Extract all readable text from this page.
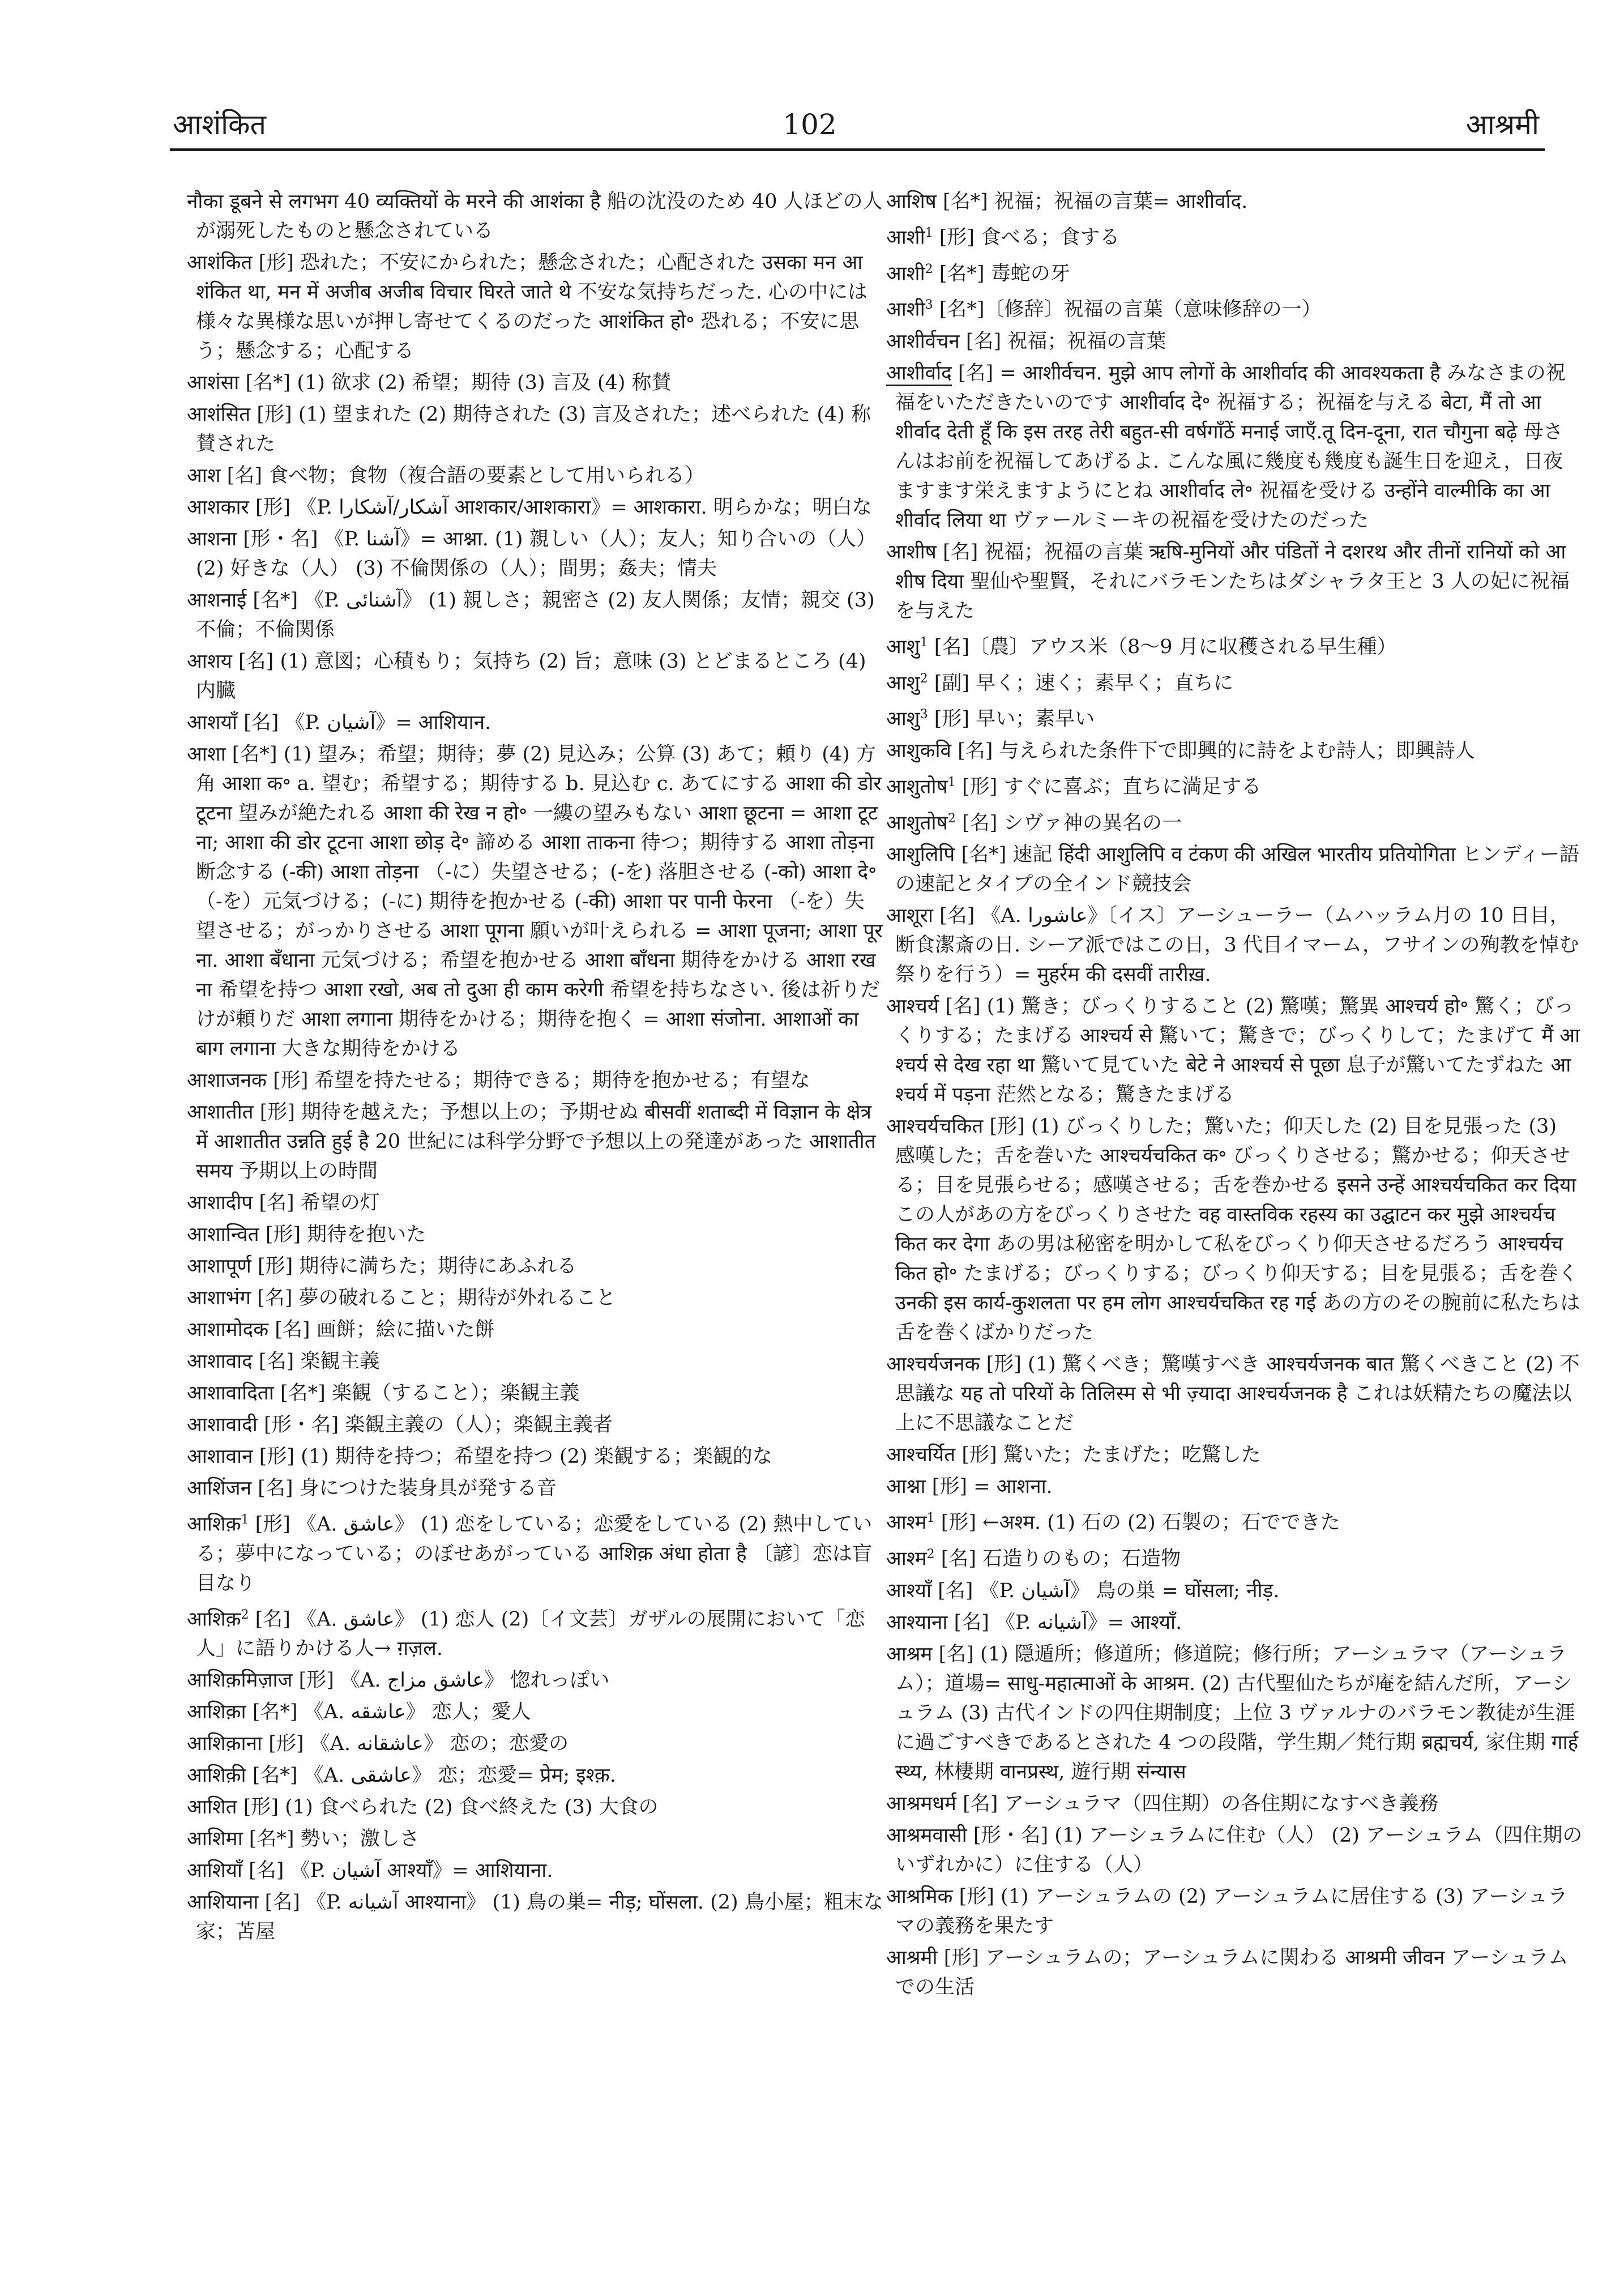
आशंकित	102	आश्रमी

नौका डूबने से लगभग 40 व्यक्तियों के मरने की आशंका है 船の沈没のため 40 人ほどの人が溺死したものと懸念されている

आशंकित [形] 恐れた；不安にかられた；懸念された；心配された उसका मन आशंकित था, मन में अजीब अजीब विचार घिरते जाते थे 不安な気持ちだった. 心の中には様々な異様な思いが押し寄せてくるのだった आशंकित हो॰ 恐れる；不安に思う；懸念する；心配する

आशंसा [名*] (1) 欲求 (2) 希望；期待 (3) 言及 (4) 称賛

आशंसित [形] (1) 望まれた (2) 期待された (3) 言及された；述べられた (4) 称賛された

आश [名] 食べ物；食物（複合語の要素として用いられる）

आशकार [形] 《P. آشکار/آشکارا आशकार/आशकारा》= आशकारा. 明らかな；明白な

आशना [形・名] 《P. آشنا》= आश्ना. (1) 親しい（人）；友人；知り合いの（人） (2) 好きな（人） (3) 不倫関係の（人）；間男；姦夫；情夫

आशनाई [名*] 《P. آشنائی》 (1) 親しさ；親密さ (2) 友人関係；友情；親交 (3) 不倫；不倫関係

आशय [名] (1) 意図；心積もり；気持ち (2) 旨；意味 (3) とどまるところ (4) 内臓

आशयाँ [名] 《P. آشیان》= आशियान.

आशा [名*] (1) 望み；希望；期待；夢 (2) 見込み；公算 (3) あて；頼り (4) 方角 आशा क॰ a. 望む；希望する；期待する b. 見込む c. あてにする आशा की डोर टूटना 望みが絶たれる आशा की रेख न हो॰ 一縷の望みもない आशा छूटना = आशा टूटना; आशा की डोर टूटना आशा छोड़ दे॰ 諦める आशा ताकना 待つ；期待する आशा तोड़ना 断念する (-की) आशा तोड़ना （-に）失望させる；(-を) 落胆させる (-को) आशा दे॰ （-を）元気づける；(-に) 期待を抱かせる (-की) आशा पर पानी फेरना （-を）失望させる；がっかりさせる आशा पूगना 願いが叶えられる = आशा पूजना; आशा पूरना. आशा बँधाना 元気づける；希望を抱かせる आशा बाँधना 期待をかける आशा रखना 希望を持つ आशा रखो, अब तो दुआ ही काम करेगी 希望を持ちなさい. 後は祈りだけが頼りだ आशा लगाना 期待をかける；期待を抱く = आशा संजोना. आशाओं का बाग लगाना 大きな期待をかける

आशाजनक [形] 希望を持たせる；期待できる；期待を抱かせる；有望な

आशातीत [形] 期待を越えた；予想以上の；予期せぬ बीसवीं शताब्दी में विज्ञान के क्षेत्र में आशातीत उन्नति हुई है 20 世紀には科学分野で予想以上の発達があった आशातीत समय 予期以上の時間

आशादीप [名] 希望の灯

आशान्वित [形] 期待を抱いた

आशापूर्ण [形] 期待に満ちた；期待にあふれる

आशाभंग [名] 夢の破れること；期待が外れること

आशामोदक [名] 画餅；絵に描いた餅

आशावाद [名] 楽観主義

आशावादिता [名*] 楽観（すること）；楽観主義

आशावादी [形・名] 楽観主義の（人）；楽観主義者

आशावान [形] (1) 期待を持つ；希望を持つ (2) 楽観する；楽観的な

आशिंजन [名] 身につけた装身具が発する音

आशिक़$^1$ [形] 《A. عاشق》 (1) 恋をしている；恋愛をしている (2) 熱中している；夢中になっている；のぼせあがっている आशिक़ अंधा होता है 〔諺〕恋は盲目なり

आशिक़$^2$ [名] 《A. عاشق》 (1) 恋人 (2)〔イ文芸〕ガザルの展開において「恋人」に語りかける人→ ग़ज़ल.

आशिक़मिज़ाज [形] 《A. عاشق مزاج》 惚れっぽい

आशिक़ा [名*] 《A. عاشقه》 恋人；愛人

आशिक़ाना [形] 《A. عاشقانه》 恋の；恋愛の

आशिक़ी [名*] 《A. عاشقی》 恋；恋愛= प्रेम; इश्क़.

आशित [形] (1) 食べられた (2) 食べ終えた (3) 大食の

आशिमा [名*] 勢い；激しさ

आशियाँ [名] 《P. آشیان आश्याँ》= आशियाना.

आशियाना [名] 《P. آشیانه आश्याना》 (1) 鳥の巣= नीड़; घोंसला. (2) 鳥小屋；粗末な家；苫屋

आशिष [名*] 祝福；祝福の言葉= आशीर्वाद.

आशी$^1$ [形] 食べる；食する

आशी$^2$ [名*] 毒蛇の牙

आशी$^3$ [名*]〔修辞〕祝福の言葉（意味修辞の一）

आशीर्वचन [名] 祝福；祝福の言葉

आशीर्वाद [名] = आशीर्वचन. मुझे आप लोगों के आशीर्वाद की आवश्यकता है みなさまの祝福をいただきたいのです आशीर्वाद दे॰ 祝福する；祝福を与える बेटा, मैं तो आशीर्वाद देती हूँ कि इस तरह तेरी बहुत-सी वर्षगाँठें मनाई जाएँ.तू दिन-दूना, रात चौगुना बढ़े 母さんはお前を祝福してあげるよ. こんな風に幾度も幾度も誕生日を迎え，日夜ますます栄えますようにとね आशीर्वाद ले॰ 祝福を受ける उन्होंने वाल्मीकि का आशीर्वाद लिया था ヴァールミーキの祝福を受けたのだった

आशीष [名] 祝福；祝福の言葉 ऋषि-मुनियों और पंडितों ने दशरथ और तीनों रानियों को आशीष दिया 聖仙や聖賢，それにバラモンたちはダシャラタ王と 3 人の妃に祝福を与えた

आशु$^1$ [名]〔農〕アウス米（8〜9 月に収穫される早生種）

आशु$^2$ [副] 早く；速く；素早く；直ちに

आशु$^3$ [形] 早い；素早い

आशुकवि [名] 与えられた条件下で即興的に詩をよむ詩人；即興詩人

आशुतोष$^1$ [形] すぐに喜ぶ；直ちに満足する

आशुतोष$^2$ [名] シヴァ神の異名の一

आशुलिपि [名*] 速記 हिंदी आशुलिपि व टंकण की अखिल भारतीय प्रतियोगिता ヒンディー語の速記とタイプの全インド競技会

आशूरा [名] 《A. عاشورا》〔イス〕アーシューラー（ムハッラム月の 10 日目，断食潔斎の日. シーア派ではこの日，3 代目イマーム，フサインの殉教を悼む祭りを行う）= मुहर्रम की दसवीं तारीख़.

आश्चर्य [名] (1) 驚き；びっくりすること (2) 驚嘆；驚異 आश्चर्य हो॰ 驚く；びっくりする；たまげる आश्चर्य से 驚いて；驚きで；びっくりして；たまげて मैं आश्चर्य से देख रहा था 驚いて見ていた बेटे ने आश्चर्य से पूछा 息子が驚いてたずねた आश्चर्य में पड़ना 茫然となる；驚きたまげる

आश्चर्यचकित [形] (1) びっくりした；驚いた；仰天した (2) 目を見張った (3) 感嘆した；舌を巻いた आश्चर्यचकित क॰ びっくりさせる；驚かせる；仰天させる；目を見張らせる；感嘆させる；舌を巻かせる इसने उन्हें आश्चर्यचकित कर दिया この人があの方をびっくりさせた वह वास्तविक रहस्य का उद्घाटन कर मुझे आश्चर्यचकित कर देगा あの男は秘密を明かして私をびっくり仰天させるだろう आश्चर्यचकित हो॰ たまげる；びっくりする；びっくり仰天する；目を見張る；舌を巻く उनकी इस कार्य-कुशलता पर हम लोग आश्चर्यचकित रह गई あの方のその腕前に私たちは舌を巻くばかりだった

आश्चर्यजनक [形] (1) 驚くべき；驚嘆すべき आश्चर्यजनक बात 驚くべきこと (2) 不思議な यह तो परियों के तिलिस्म से भी ज़्यादा आश्चर्यजनक है これは妖精たちの魔法以上に不思議なことだ

आश्चर्यित [形] 驚いた；たまげた；吃驚した

आश्ना [形] = आशना.

आश्म$^1$ [形] ←अश्म. (1) 石の (2) 石製の；石でできた

आश्म$^2$ [名] 石造りのもの；石造物

आश्याँ [名] 《P. آشیان》 鳥の巣 = घोंसला; नीड़.

आश्याना [名] 《P. آشیانه》= आश्याँ.

आश्रम [名] (1) 隠遁所；修道所；修道院；修行所；アーシュラマ（アーシュラム）；道場= साधु-महात्माओं के आश्रम. (2) 古代聖仙たちが庵を結んだ所，アーシュラム (3) 古代インドの四住期制度；上位 3 ヴァルナのバラモン教徒が生涯に過ごすべきであるとされた 4 つの段階，学生期／梵行期 ब्रह्मचर्य, 家住期 गार्हस्थ्य, 林棲期 वानप्रस्थ, 遊行期 संन्यास

आश्रमधर्म [名] アーシュラマ（四住期）の各住期になすべき義務

आश्रमवासी [形・名] (1) アーシュラムに住む（人） (2) アーシュラム（四住期のいずれかに）に住する（人）

आश्रमिक [形] (1) アーシュラムの (2) アーシュラムに居住する (3) アーシュラマの義務を果たす

आश्रमी [形] アーシュラムの；アーシュラムに関わる आश्रमी जीवन アーシュラムでの生活
